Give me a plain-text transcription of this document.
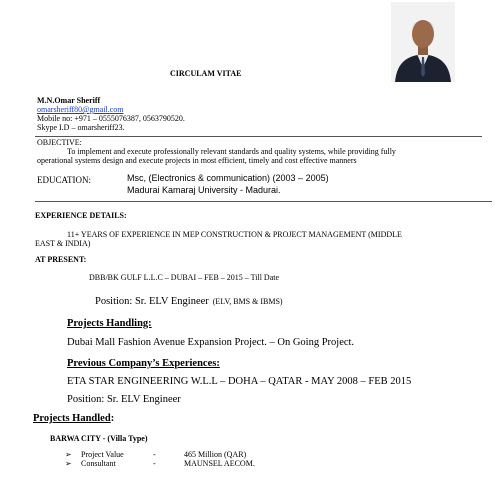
CIRCULAM VITAE
M.N.Omar Sheriff
omarsheriff80@gmail.com
Mobile no: +971 – 0555076387, 0563790520.
Skype I.D – omarsheriff23.
OBJECTIVE:
To implement and execute professionally relevant standards and quality systems, while providing fully
operational systems design and execute projects in most efficient, timely and cost effective manners
EDUCATION:	Msc, (Electronics & communication) (2003 – 2005)
Madurai Kamaraj University - Madurai.
EXPERIENCE DETAILS:
11+ YEARS OF EXPERIENCE IN MEP CONSTRUCTION & PROJECT MANAGEMENT (MIDDLE
EAST & INDIA)
AT PRESENT:
DBB/BK GULF L.L.C – DUBAI – FEB – 2015 – Till Date
Position: Sr. ELV Engineer (ELV, BMS & IBMS)
Projects Handling:
Dubai Mall Fashion Avenue Expansion Project. – On Going Project.
Previous Company’s Experiences:
ETA STAR ENGINEERING W.L.L – DOHA – QATAR - MAY 2008 – FEB 2015
Position: Sr. ELV Engineer
Projects Handled:
BARWA CITY - (Villa Type)
➢ Project Value	-	465 Million (QAR)
➢ Consultant	-	MAUNSEL AECOM.
